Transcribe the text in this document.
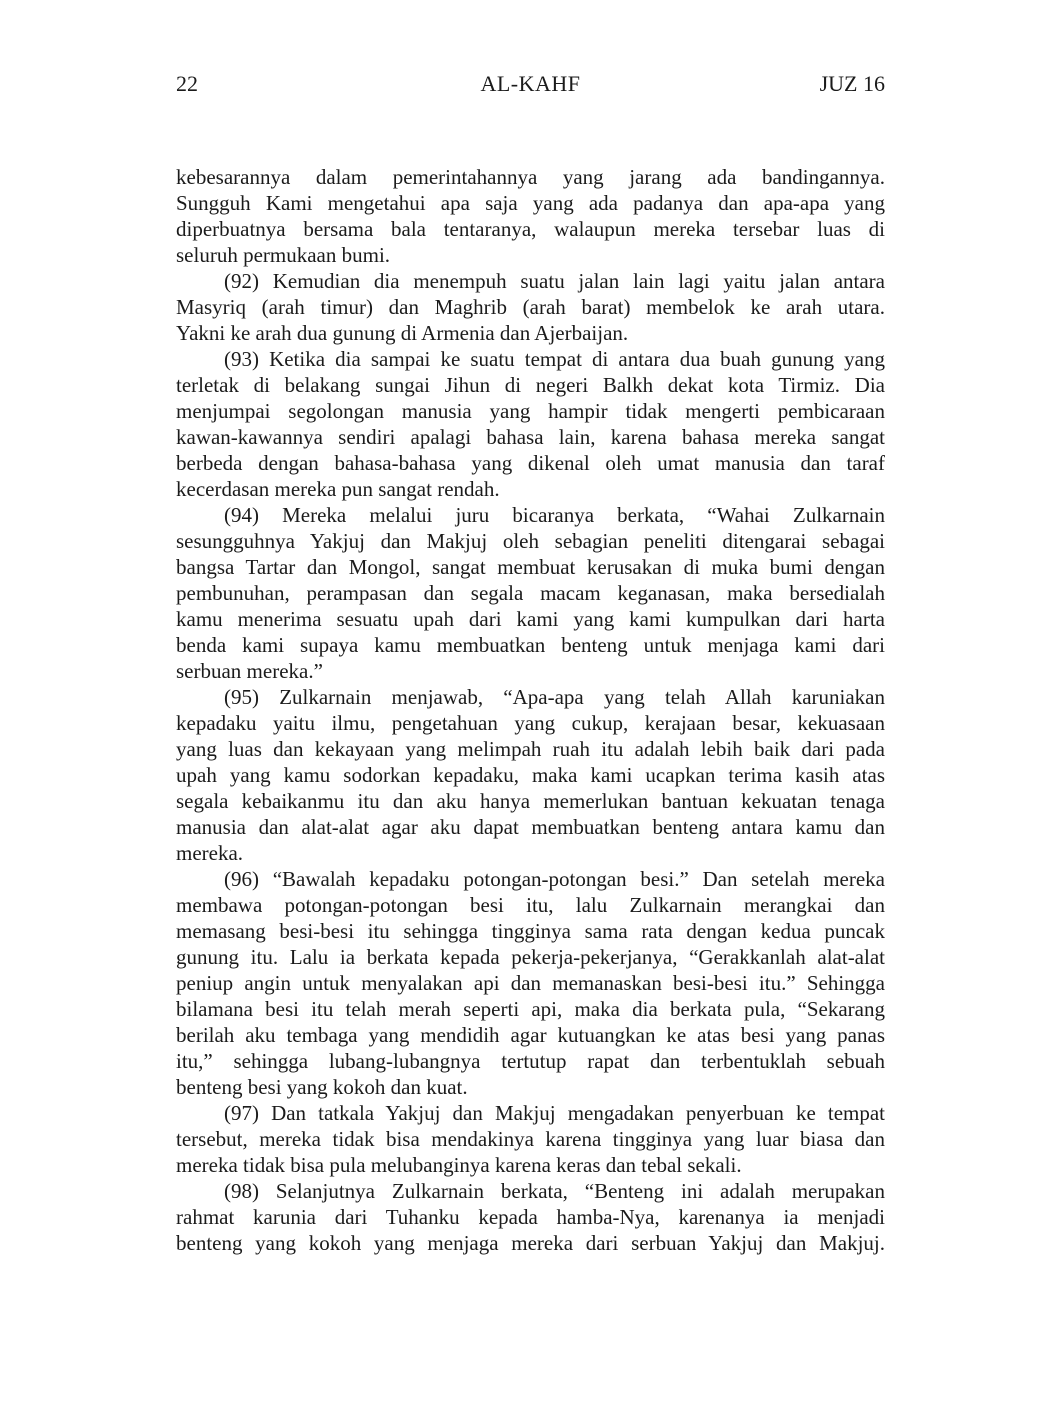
22	AL-KAHF	JUZ 16
kebesarannya dalam pemerintahannya yang jarang ada bandingannya.
Sungguh Kami mengetahui apa saja yang ada padanya dan apa-apa yang
diperbuatnya bersama bala tentaranya, walaupun mereka tersebar luas di
seluruh permukaan bumi.
(92) Kemudian dia menempuh suatu jalan lain lagi yaitu jalan antara
Masyriq (arah timur) dan Maghrib (arah barat) membelok ke arah utara.
Yakni ke arah dua gunung di Armenia dan Ajerbaijan.
(93) Ketika dia sampai ke suatu tempat di antara dua buah gunung yang
terletak di belakang sungai Jihun di negeri Balkh dekat kota Tirmiz. Dia
menjumpai segolongan manusia yang hampir tidak mengerti pembicaraan
kawan-kawannya sendiri apalagi bahasa lain, karena bahasa mereka sangat
berbeda dengan bahasa-bahasa yang dikenal oleh umat manusia dan taraf
kecerdasan mereka pun sangat rendah.
(94) Mereka melalui juru bicaranya berkata, “Wahai Zulkarnain
sesungguhnya Yakjuj dan Makjuj oleh sebagian peneliti ditengarai sebagai
bangsa Tartar dan Mongol, sangat membuat kerusakan di muka bumi dengan
pembunuhan, perampasan dan segala macam keganasan, maka bersedialah
kamu menerima sesuatu upah dari kami yang kami kumpulkan dari harta
benda kami supaya kamu membuatkan benteng untuk menjaga kami dari
serbuan mereka.”
(95) Zulkarnain menjawab, “Apa-apa yang telah Allah karuniakan
kepadaku yaitu ilmu, pengetahuan yang cukup, kerajaan besar, kekuasaan
yang luas dan kekayaan yang melimpah ruah itu adalah lebih baik dari pada
upah yang kamu sodorkan kepadaku, maka kami ucapkan terima kasih atas
segala kebaikanmu itu dan aku hanya memerlukan bantuan kekuatan tenaga
manusia dan alat-alat agar aku dapat membuatkan benteng antara kamu dan
mereka.
(96) “Bawalah kepadaku potongan-potongan besi.” Dan setelah mereka
membawa potongan-potongan besi itu, lalu Zulkarnain merangkai dan
memasang besi-besi itu sehingga tingginya sama rata dengan kedua puncak
gunung itu. Lalu ia berkata kepada pekerja-pekerjanya, “Gerakkanlah alat-alat
peniup angin untuk menyalakan api dan memanaskan besi-besi itu.” Sehingga
bilamana besi itu telah merah seperti api, maka dia berkata pula, “Sekarang
berilah aku tembaga yang mendidih agar kutuangkan ke atas besi yang panas
itu,” sehingga lubang-lubangnya tertutup rapat dan terbentuklah sebuah
benteng besi yang kokoh dan kuat.
(97) Dan tatkala Yakjuj dan Makjuj mengadakan penyerbuan ke tempat
tersebut, mereka tidak bisa mendakinya karena tingginya yang luar biasa dan
mereka tidak bisa pula melubanginya karena keras dan tebal sekali.
(98) Selanjutnya Zulkarnain berkata, “Benteng ini adalah merupakan
rahmat karunia dari Tuhanku kepada hamba-Nya, karenanya ia menjadi
benteng yang kokoh yang menjaga mereka dari serbuan Yakjuj dan Makjuj.
